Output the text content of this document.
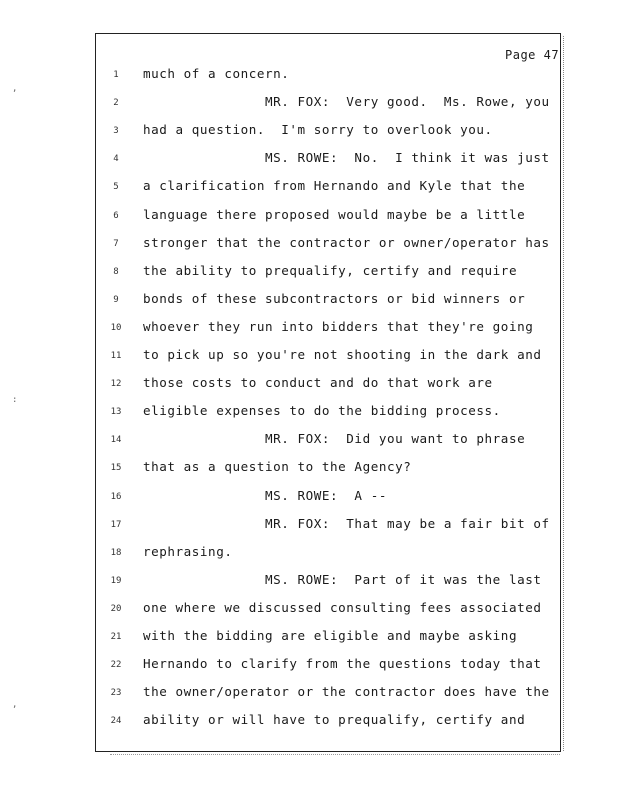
Page 47
,
:
,
1	much of a concern.
2	MR. FOX:  Very good.  Ms. Rowe, you
3	had a question.  I'm sorry to overlook you.
4	MS. ROWE:  No.  I think it was just
5	a clarification from Hernando and Kyle that the
6	language there proposed would maybe be a little
7	stronger that the contractor or owner/operator has
8	the ability to prequalify, certify and require
9	bonds of these subcontractors or bid winners or
10 whoever they run into bidders that they're going
11 to pick up so you're not shooting in the dark and
12 those costs to conduct and do that work are
13 eligible expenses to do the bidding process.
14 MR. FOX:  Did you want to phrase
15 that as a question to the Agency?
16 MS. ROWE:  A --
17 MR. FOX:  That may be a fair bit of
18 rephrasing.
19 MS. ROWE:  Part of it was the last
20 one where we discussed consulting fees associated
21 with the bidding are eligible and maybe asking
22 Hernando to clarify from the questions today that
23 the owner/operator or the contractor does have the
24 ability or will have to prequalify, certify and
